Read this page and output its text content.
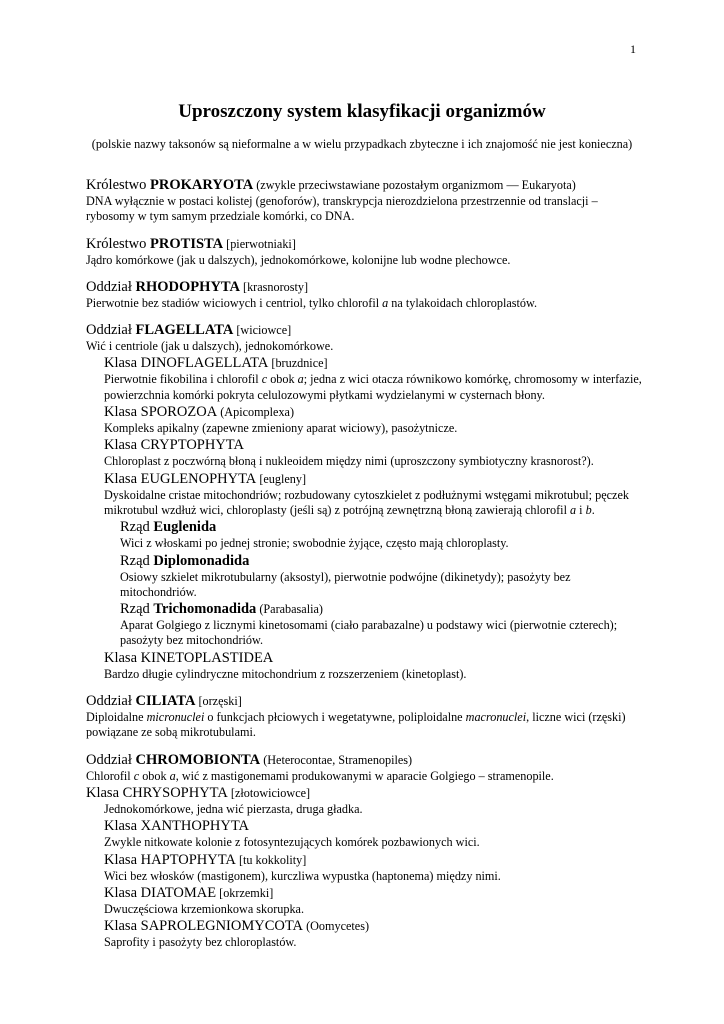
1
Uproszczony system klasyfikacji organizmów
(polskie nazwy taksonów są nieformalne a w wielu przypadkach zbyteczne i ich znajomość nie jest konieczna)
Królestwo PROKARYOTA (zwykle przeciwstawiane pozostałym organizmom — Eukaryota)
DNA wyłącznie w postaci kolistej (genoforów), transkrypcja nierozdzielona przestrzennie od translacji – rybosomy w tym samym przedziale komórki, co DNA.
Królestwo PROTISTA [pierwotniaki]
Jądro komórkowe (jak u dalszych), jednokomórkowe, kolonijne lub wodne plechowce.
Oddział RHODOPHYTA [krasnorosty]
Pierwotnie bez stadiów wiciowych i centriol, tylko chlorofil a na tylakoidach chloroplastów.
Oddział FLAGELLATA [wiciowce]
Wić i centriole (jak u dalszych), jednokomórkowe.
Klasa DINOFLAGELLATA [bruzdnice]
Pierwotnie fikobilina i chlorofil c obok a; jedna z wici otacza równikowo komórkę, chromosomy w interfazie, powierzchnia komórki pokryta celulozowymi płytkami wydzielanymi w cysternach błony.
Klasa SPOROZOA (Apicomplexa)
Kompleks apikalny (zapewne zmieniony aparat wiciowy), pasożytnicze.
Klasa CRYPTOPHYTA
Chloroplast z poczwórną błoną i nukleoidem między nimi (uproszczony symbiotyczny krasnorost?).
Klasa EUGLENOPHYTA [eugleny]
Dyskoidalne cristae mitochondriów; rozbudowany cytoszkielet z podłużnymi wstęgami mikrotubul; pęczek mikrotubul wzdłuż wici, chloroplasty (jeśli są) z potrójną zewnętrzną błoną zawierają chlorofil a i b.
Rząd Euglenida
Wici z włoskami po jednej stronie; swobodnie żyjące, często mają chloroplasty.
Rząd Diplomonadida
Osiowy szkielet mikrotubularny (aksostyl), pierwotnie podwójne (dikinetydy); pasożyty bez mitochondriów.
Rząd Trichomonadida (Parabasalia)
Aparat Golgiego z licznymi kinetosomami (ciało parabazalne) u podstawy wici (pierwotnie czterech); pasożyty bez mitochondriów.
Klasa KINETOPLASTIDEA
Bardzo długie cylindryczne mitochondrium z rozszerzeniem (kinetoplast).
Oddział CILIATA [orzęski]
Diploidalne micronuclei o funkcjach płciowych i wegetatywne, poliploidalne macronuclei, liczne wici (rzęski) powiązane ze sobą mikrotubulami.
Oddział CHROMOBIONTA (Heterocontae, Stramenopiles)
Chlorofil c obok a, wić z mastigonemami produkowanymi w aparacie Golgiego – stramenopile.
Klasa CHRYSOPHYTA [złotowiciowce]
Jednokomórkowe, jedna wić pierzasta, druga gładka.
Klasa XANTHOPHYTA
Zwykle nitkowate kolonie z fotosyntezujących komórek pozbawionych wici.
Klasa HAPTOPHYTA [tu kokkolity]
Wici bez włosków (mastigonem), kurczliwa wypustka (haptonema) między nimi.
Klasa DIATOMAE [okrzemki]
Dwuczęściowa krzemionkowa skorupka.
Klasa SAPROLEGNIOMYCOTA (Oomycetes)
Saprofity i pasożyty bez chloroplastów.
